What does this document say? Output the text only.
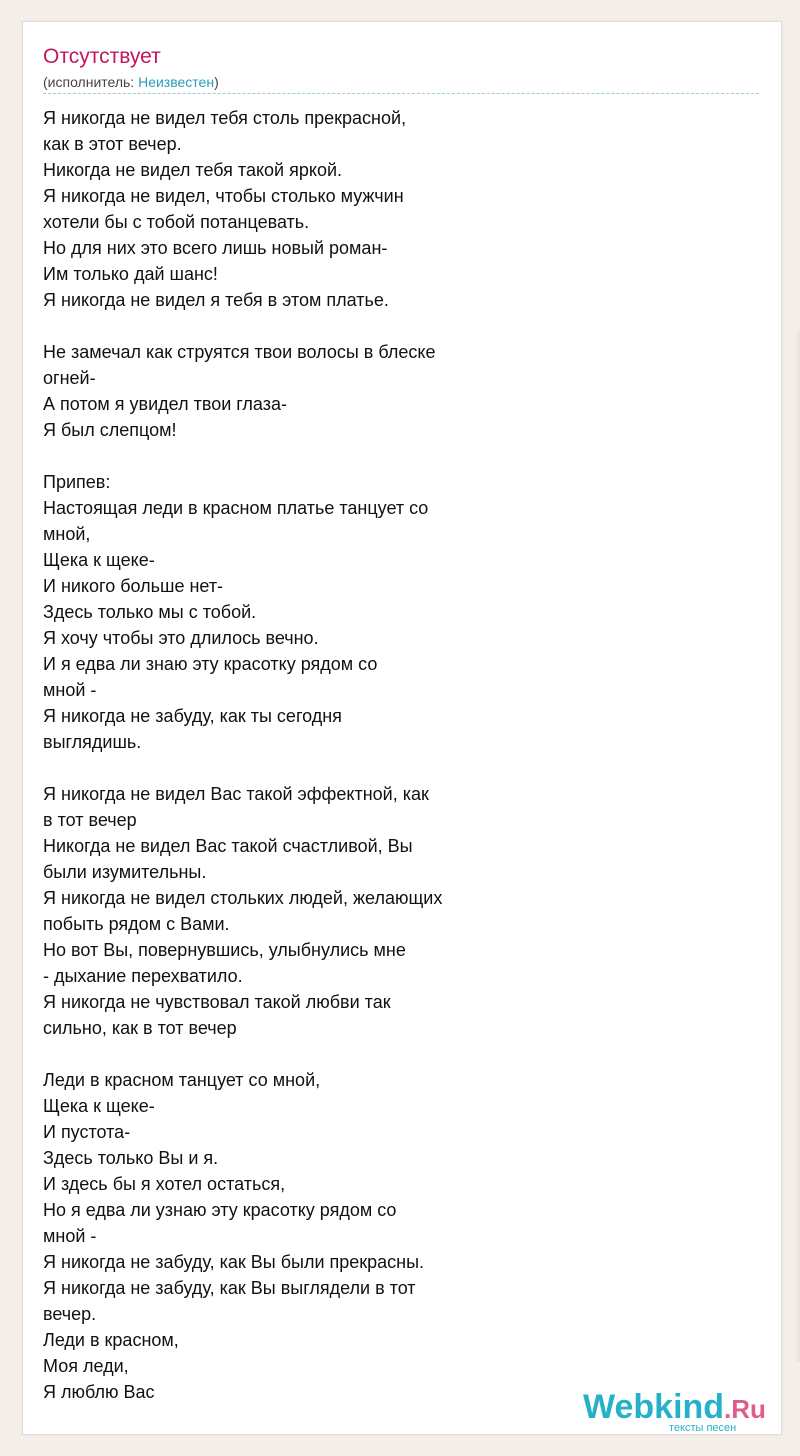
Отсутствует
(исполнитель: Неизвестен)
Я никогда не видел тебя столь прекрасной,
как в этот вечер.
Никогда не видел тебя такой яркой.
Я никогда не видел, чтобы столько мужчин
хотели бы с тобой потанцевать.
Но для них это всего лишь новый роман-
Им только дай шанс!
Я никогда не видел я тебя в этом платье.

Не замечал как струятся твои волосы в блеске
огней-
А потом я увидел твои глаза-
Я был слепцом!

Припев:
Настоящая леди в красном платье танцует со
мной,
Щека к щеке-
И никого больше нет-
Здесь только мы с тобой.
Я хочу чтобы это длилось вечно.
И я едва ли знаю эту красотку рядом со
мной -
Я никогда не забуду, как ты сегодня
выглядишь.

Я никогда не видел Вас такой эффектной, как
в тот вечер
Никогда не видел Вас такой счастливой, Вы
были изумительны.
Я никогда не видел стольких людей, желающих
побыть рядом с Вами.
Но вот Вы, повернувшись, улыбнулись мне
- дыхание перехватило.
Я никогда не чувствовал такой любви так
сильно, как в тот вечер

Леди в красном танцует со мной,
Щека к щеке-
И пустота-
Здесь только Вы и я.
И здесь бы я хотел остаться,
Но я едва ли узнаю эту красотку рядом со
мной -
Я никогда не забуду, как Вы были прекрасны.
Я никогда не забуду, как Вы выглядели в тот
вечер.
Леди в красном,
Моя леди,
Я люблю Вас	Webkind.Ru
тексты песен
